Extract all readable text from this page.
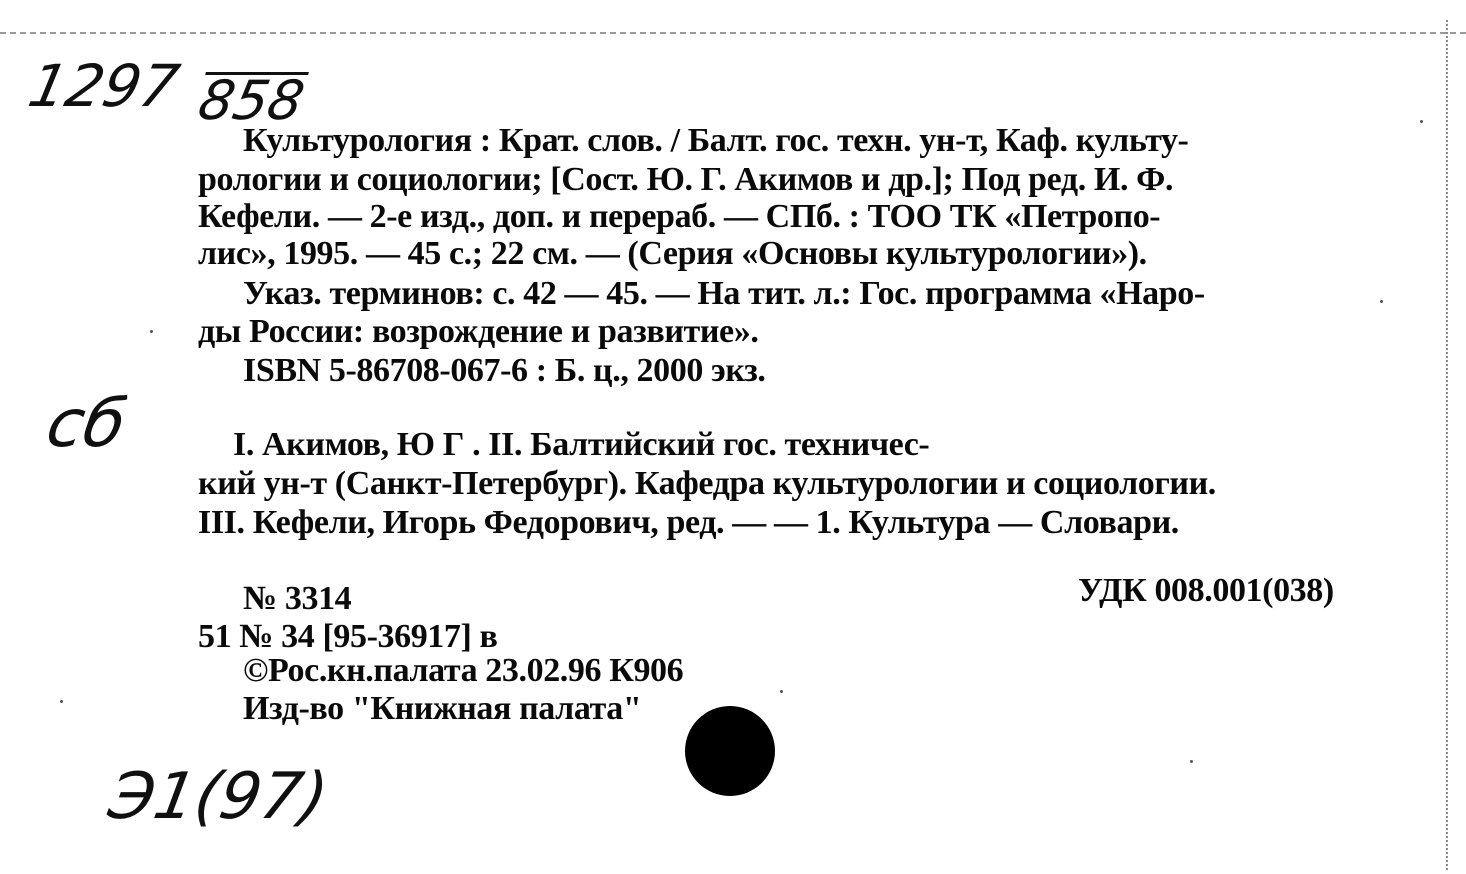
1297 858
сб
Э1(97)
Культурология : Крат. слов. / Балт. гос. техн. ун-т, Каф. культу-
рологии и социологии; [Сост. Ю. Г. Акимов и др.]; Под ред. И. Ф.
Кефели. — 2-е изд., доп. и перераб. — СПб. : ТОО ТК «Петропо-
лис», 1995. — 45 с.; 22 см. — (Серия «Основы культурологии»).
Указ. терминов: с. 42 — 45. — На тит. л.: Гос. программа «Наро-
ды России: возрождение и развитие».
ISBN 5-86708-067-6 : Б. ц., 2000 экз.
I. Акимов, Ю Г . II. Балтийский гос. техничес-
кий ун-т (Санкт-Петербург). Кафедра культурологии и социологии.
III. Кефели, Игорь Федорович, ред. — — 1. Культура — Словари.
№ 3314	УДК 008.001(038)
51 № 34 [95-36917] в
©Рос.кн.палата 23.02.96 К906
Изд-во "Книжная палата"
